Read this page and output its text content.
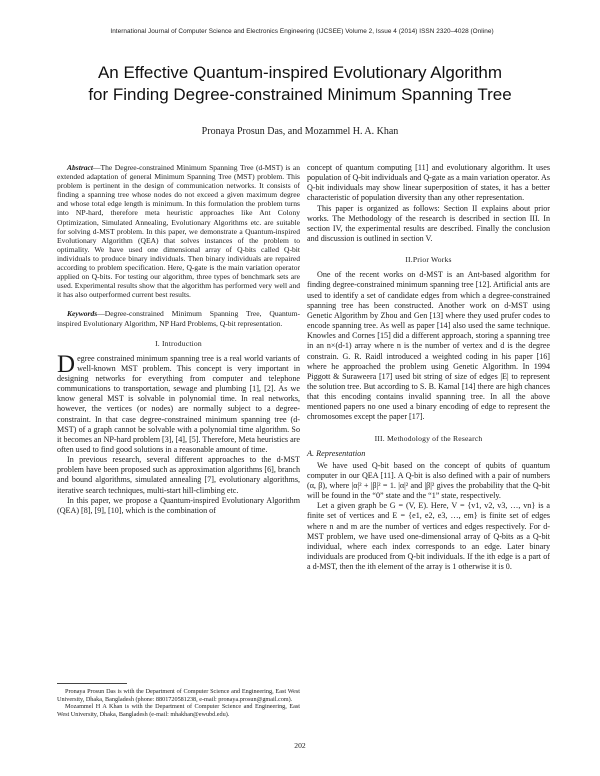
International Journal of Computer Science and Electronics Engineering (IJCSEE) Volume 2, Issue 4 (2014) ISSN 2320–4028 (Online)
An Effective Quantum-inspired Evolutionary Algorithm
for Finding Degree-constrained Minimum Spanning Tree
Pronaya Prosun Das, and Mozammel H. A. Khan

Abstract—The Degree-constrained Minimum Spanning Tree (d-MST) is an extended adaptation of general Minimum Spanning Tree (MST) problem. This problem is pertinent in the design of communication networks. It consists of finding a spanning tree whose nodes do not exceed a given maximum degree and whose total edge length is minimum. In this formulation the problem turns into NP-hard, therefore meta heuristic approaches like Ant Colony Optimization, Simulated Annealing, Evolutionary Algorithms etc. are suitable for solving d-MST problem. In this paper, we demonstrate a Quantum-inspired Evolutionary Algorithm (QEA) that solves instances of the problem to optimality. We have used one dimensional array of Q-bits called Q-bit individuals to produce binary individuals. Then binary individuals are repaired according to problem specification. Here, Q-gate is the main variation operator applied on Q-bits. For testing our algorithm, three types of benchmark sets are used. Experimental results show that the algorithm has performed very well and it has also outperformed current best results.

Keywords—Degree-constrained Minimum Spanning Tree, Quantum-inspired Evolutionary Algorithm, NP Hard Problems, Q-bit representation.

I. Introduction

Degree constrained minimum spanning tree is a real world variants of well-known MST problem. This concept is very important in designing networks for everything from computer and telephone communications to transportation, sewage and plumbing [1], [2]. As we know general MST is solvable in polynomial time. In real networks, however, the vertices (or nodes) are normally subject to a degree-constraint. In that case degree-constrained minimum spanning tree (d-MST) of a graph cannot be solvable with a polynomial time algorithm. So it becomes an NP-hard problem [3], [4], [5]. Therefore, Meta heuristics are often used to find good solutions in a reasonable amount of time.

In previous research, several different approaches to the d-MST problem have been proposed such as approximation algorithms [6], branch and bound algorithms, simulated annealing [7], evolutionary algorithms, iterative search techniques, multi-start hill-climbing etc.

In this paper, we propose a Quantum-inspired Evolutionary Algorithm (QEA) [8], [9], [10], which is the combination of

Pronaya Prosun Das is with the Department of Computer Science and Engineering, East West University, Dhaka, Bangladesh (phone: 8801720581238, e-mail: pronaya.prosun@gmail.com).

Mozammel H A Khan is with the Department of Computer Science and Engineering, East West University, Dhaka, Bangladesh (e-mail: mhakhan@ewubd.edu).

concept of quantum computing [11] and evolutionary algorithm. It uses population of Q-bit individuals and Q-gate as a main variation operator. As Q-bit individuals may show linear superposition of states, it has a better characteristic of population diversity than any other representation.

This paper is organized as follows: Section II explains about prior works. The Methodology of the research is described in section III. In section IV, the experimental results are described. Finally the conclusion and discussion is outlined in section V.

II.Prior Works

One of the recent works on d-MST is an Ant-based algorithm for finding degree-constrained minimum spanning tree [12]. Artificial ants are used to identify a set of candidate edges from which a degree-constrained spanning tree has been constructed. Another work on d-MST using Genetic Algorithm by Zhou and Gen [13] where they used prufer codes to encode spanning tree. As well as paper [14] also used the same technique. Knowles and Cornes [15] did a different approach, storing a spanning tree in an n×(d-1) array where n is the number of vertex and d is the degree constrain. G. R. Raidl introduced a weighted coding in his paper [16] where he approached the problem using Genetic Algorithm. In 1994 Piggott & Suraweera [17] used bit string of size of edges |E| to represent the solution tree. But according to S. B. Kamal [14] there are high chances that this encoding contains invalid spanning tree. In all the above mentioned papers no one used a binary encoding of edge to represent the chromosomes except the paper [17].

III. Methodology of the Research
A. Representation

We have used Q-bit based on the concept of qubits of quantum computer in our QEA [11]. A Q-bit is also defined with a pair of numbers (α, β), where |α|² + |β|² = 1. |α|² and |β|² gives the probability that the Q-bit will be found in the “0” state and the “1” state, respectively.

Let a given graph be G = (V, E). Here, V = {v1, v2, v3, …, vn} is a finite set of vertices and E = {e1, e2, e3, …, em} is finite set of edges where n and m are the number of vertices and edges respectively. For d-MST problem, we have used one-dimensional array of Q-bits as a Q-bit individual, where each index corresponds to an edge. Later binary individuals are produced from Q-bit individuals. If the ith edge is a part of a d-MST, then the ith element of the array is 1 otherwise it is 0.

202
